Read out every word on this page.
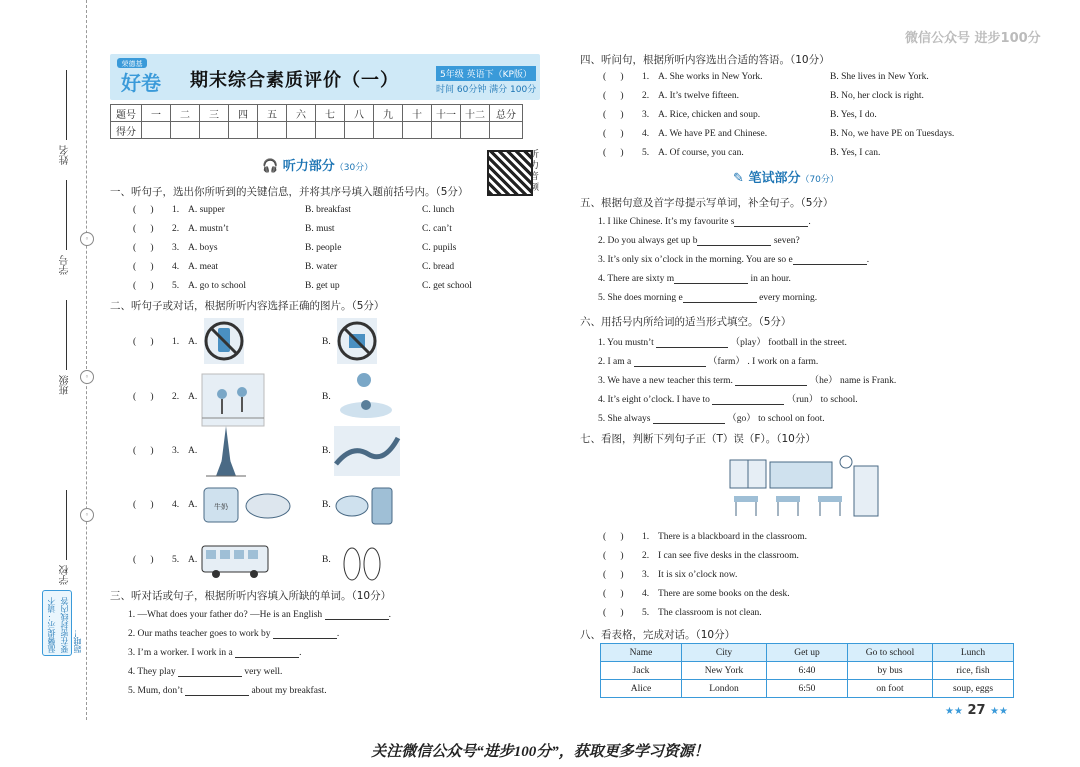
微信公众号 进步100分
姓名
学号
班级
学校
◦
◦
◦
温馨提示：请不要在密封线内答题哦！
荣德基
好卷 期末综合素质评价（一）	5年级 英语下（KP版）
时间 60分钟 满分 100分
题号	一	二	三	四	五	六	七	八	九	十	十一	十二	总分
得分													
听力音频
🎧 听力部分（30分）
一、听句子，选出你所听到的关键信息，并将其序号填入题前括号内。（5分）
(      ) 1. A. supper	B. breakfast	C. lunch
(      ) 2. A. mustn’t	B. must	C. can’t
(      ) 3. A. boys	B. people	C. pupils
(      ) 4. A. meat	B. water	C. bread
(      ) 5. A. go to school	B. get up	C. get school
二、听句子或对话，根据所听内容选择正确的图片。（5分）
(      ) 1. A.	B.
(      ) 2. A.	B.
(      ) 3. A.	B.
(      ) 4. A. 牛奶	B.
(      ) 5. A.	B.
三、听对话或句子，根据所听内容填入所缺的单词。（10分）
1. —What does your father do? —He is an English	.
2. Our maths teacher goes to work by	.
3. I’m a worker. I work in a	.
4. They play	very well.
5. Mum, don’t	about my breakfast.
四、听问句，根据所听内容选出合适的答语。（10分）
(      ) 1. A. She works in New York.	B. She lives in New York.
(      ) 2. A. It’s twelve fifteen.	B. No, her clock is right.
(      ) 3. A. Rice, chicken and soup.	B. Yes, I do.
(      ) 4. A. We have PE and Chinese.	B. No, we have PE on Tuesdays.
(      ) 5. A. Of course, you can.	B. Yes, I can.
✎ 笔试部分（70分）
五、根据句意及首字母提示写单词，补全句子。（5分）
1. I like Chinese. It’s my favourite s	.
2. Do you always get up b	seven?
3. It’s only six o’clock in the morning. You are so e	.
4. There are sixty m	in an hour.
5. She does morning e	every morning.
六、用括号内所给词的适当形式填空。（5分）
1. You mustn’t	（play） football in the street.
2. I am a	（farm） . I work on a farm.
3. We have a new teacher this term.	（he） name is Frank.
4. It’s eight o’clock. I have to	（run） to school.
5. She always	（go） to school on foot.
七、看图，判断下列句子正（T）误（F）。（10分）
(      ) 1. There is a blackboard in the classroom.
(      ) 2. I can see five desks in the classroom.
(      ) 3. It is six o’clock now.
(      ) 4. There are some books on the desk.
(      ) 5. The classroom is not clean.
八、看表格，完成对话。（10分）
Name	City	Get up	Go to school	Lunch
Jack	New York	6:40	by bus	rice, fish
Alice	London	6:50	on foot	soup, eggs
★★ 27 ★★
关注微信公众号“进步100分”，获取更多学习资源！
